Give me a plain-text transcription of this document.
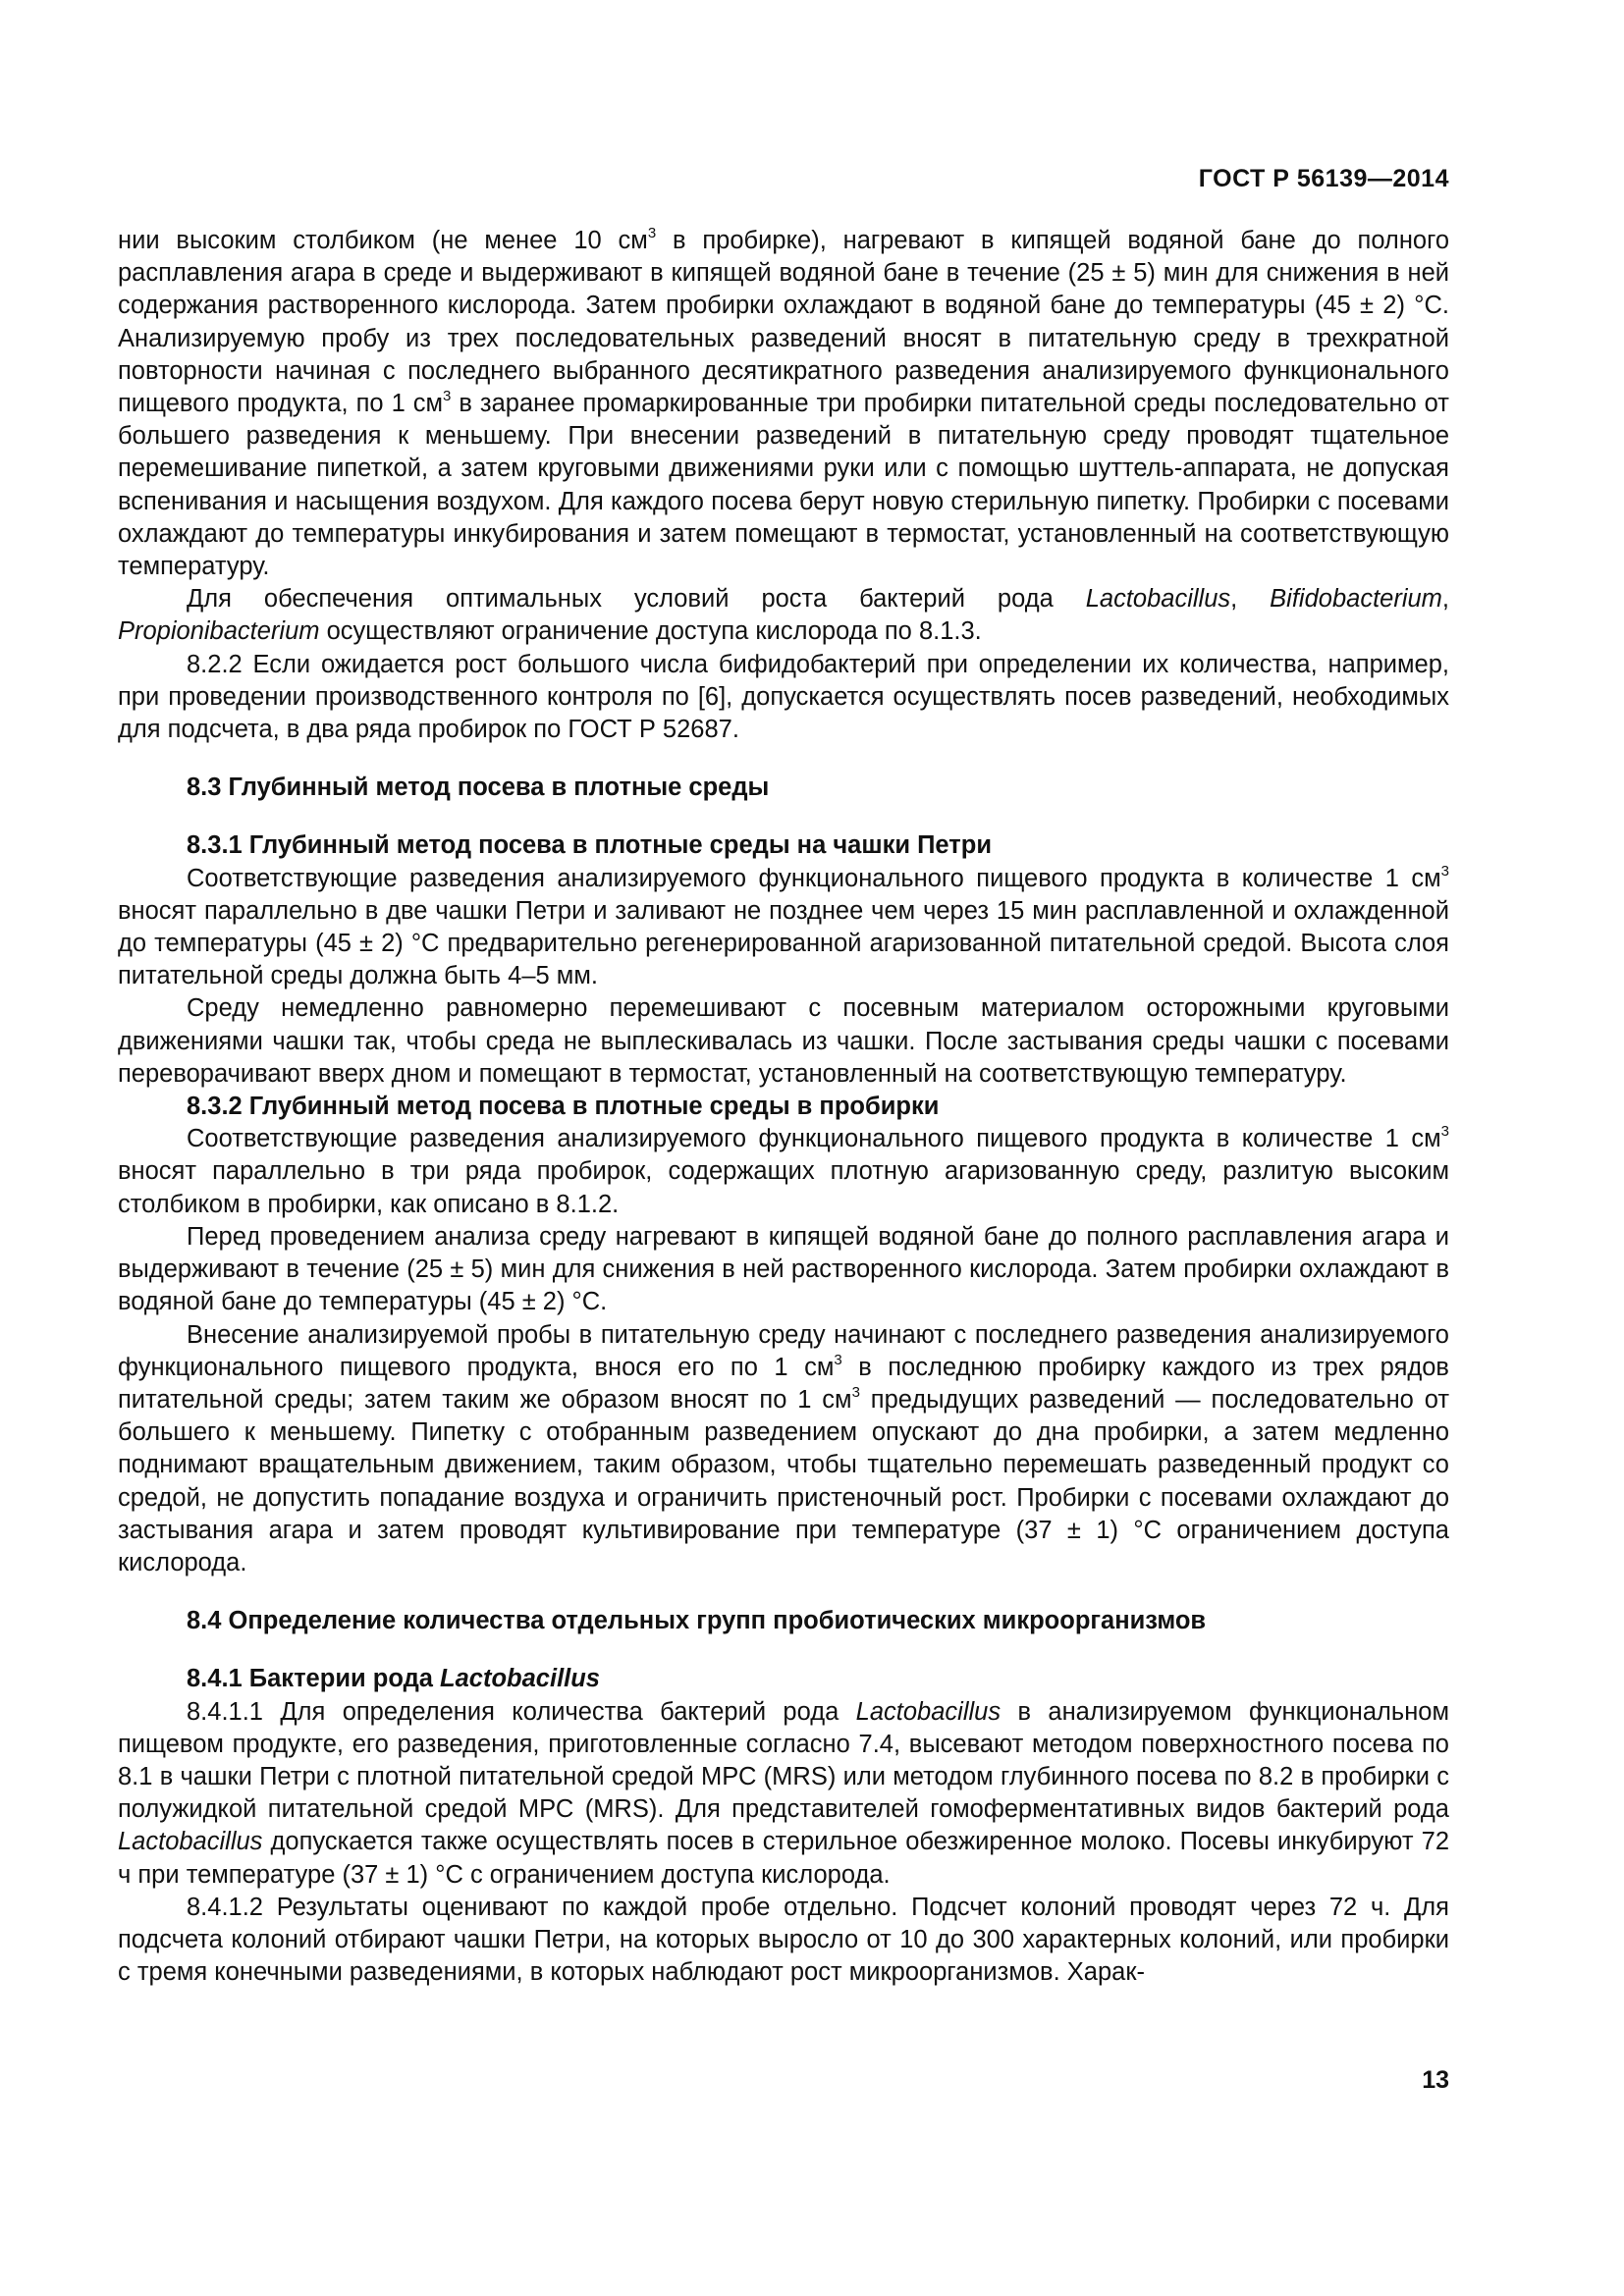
ГОСТ Р 56139—2014

нии высоким столбиком (не менее 10 $см^3$ в пробирке), нагревают в кипящей водяной бане до полного расплавления агара в среде и выдерживают в кипящей водяной бане в течение (25 ± 5) мин для снижения в ней содержания растворенного кислорода. Затем пробирки охлаждают в водяной бане до температуры (45 ± 2) °С. Анализируемую пробу из трех последовательных разведений вносят в питательную среду в трехкратной повторности начиная с последнего выбранного десятикратного разведения анализируемого функционального пищевого продукта, по 1 $см^3$ в заранее промаркированные три пробирки питательной среды последовательно от большего разведения к меньшему. При внесении разведений в питательную среду проводят тщательное перемешивание пипеткой, а затем круговыми движениями руки или с помощью шуттель-аппарата, не допуская вспенивания и насыщения воздухом. Для каждого посева берут новую стерильную пипетку. Пробирки с посевами охлаждают до температуры инкубирования и затем помещают в термостат, установленный на соответствующую температуру.

Для обеспечения оптимальных условий роста бактерий рода Lactobacillus, Bifidobacterium, Propionibacterium осуществляют ограничение доступа кислорода по 8.1.3.

8.2.2 Если ожидается рост большого числа бифидобактерий при определении их количества, например, при проведении производственного контроля по [6], допускается осуществлять посев разведений, необходимых для подсчета, в два ряда пробирок по ГОСТ Р 52687.

8.3 Глубинный метод посева в плотные среды
8.3.1 Глубинный метод посева в плотные среды на чашки Петри

Соответствующие разведения анализируемого функционального пищевого продукта в количестве 1 $см^3$ вносят параллельно в две чашки Петри и заливают не позднее чем через 15 мин расплавленной и охлажденной до температуры (45 ± 2) °С предварительно регенерированной агаризованной питательной средой. Высота слоя питательной среды должна быть 4–5 мм.

Среду немедленно равномерно перемешивают с посевным материалом осторожными круговыми движениями чашки так, чтобы среда не выплескивалась из чашки. После застывания среды чашки с посевами переворачивают вверх дном и помещают в термостат, установленный на соответствующую температуру.

8.3.2 Глубинный метод посева в плотные среды в пробирки

Соответствующие разведения анализируемого функционального пищевого продукта в количестве 1 $см^3$ вносят параллельно в три ряда пробирок, содержащих плотную агаризованную среду, разлитую высоким столбиком в пробирки, как описано в 8.1.2.

Перед проведением анализа среду нагревают в кипящей водяной бане до полного расплавления агара и выдерживают в течение (25 ± 5) мин для снижения в ней растворенного кислорода. Затем пробирки охлаждают в водяной бане до температуры (45 ± 2) °С.

Внесение анализируемой пробы в питательную среду начинают с последнего разведения анализируемого функционального пищевого продукта, внося его по 1 $см^3$ в последнюю пробирку каждого из трех рядов питательной среды; затем таким же образом вносят по 1 $см^3$ предыдущих разведений — последовательно от большего к меньшему. Пипетку с отобранным разведением опускают до дна пробирки, а затем медленно поднимают вращательным движением, таким образом, чтобы тщательно перемешать разведенный продукт со средой, не допустить попадание воздуха и ограничить пристеночный рост. Пробирки с посевами охлаждают до застывания агара и затем проводят культивирование при температуре (37 ± 1) °С ограничением доступа кислорода.

8.4 Определение количества отдельных групп пробиотических микроорганизмов
8.4.1 Бактерии рода Lactobacillus

8.4.1.1 Для определения количества бактерий рода Lactobacillus в анализируемом функциональном пищевом продукте, его разведения, приготовленные согласно 7.4, высевают методом поверхностного посева по 8.1 в чашки Петри с плотной питательной средой МРС (MRS) или методом глубинного посева по 8.2 в пробирки с полужидкой питательной средой МРС (MRS). Для представителей гомоферментативных видов бактерий рода Lactobacillus допускается также осуществлять посев в стерильное обезжиренное молоко. Посевы инкубируют 72 ч при температуре (37 ± 1) °С с ограничением доступа кислорода.

8.4.1.2 Результаты оценивают по каждой пробе отдельно. Подсчет колоний проводят через 72 ч. Для подсчета колоний отбирают чашки Петри, на которых выросло от 10 до 300 характерных колоний, или пробирки с тремя конечными разведениями, в которых наблюдают рост микроорганизмов. Харак-

13
